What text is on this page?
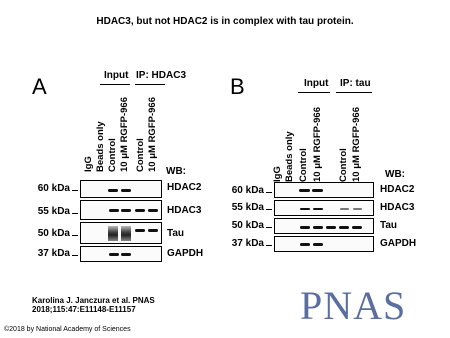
HDAC3, but not HDAC2 is in complex with tau protein.
A	Input IP: HDAC3
IgG Beads only Control 10 μM RGFP-966 Control 10 μM RGFP-966 WB:
60 kDa
55 kDa
50 kDa
37 kDa
HDAC2
HDAC3
Tau
GAPDH
B	Input IP: tau
IgG Beads only Control 10 μM RGFP-966 Control 10 μM RGFP-966 WB:
60 kDa
55 kDa
50 kDa
37 kDa
HDAC2
HDAC3
Tau
GAPDH
Karolina J. Janczura et al. PNAS 2018;115:47:E11148-E11157	PNAS
©2018 by National Academy of Sciences
